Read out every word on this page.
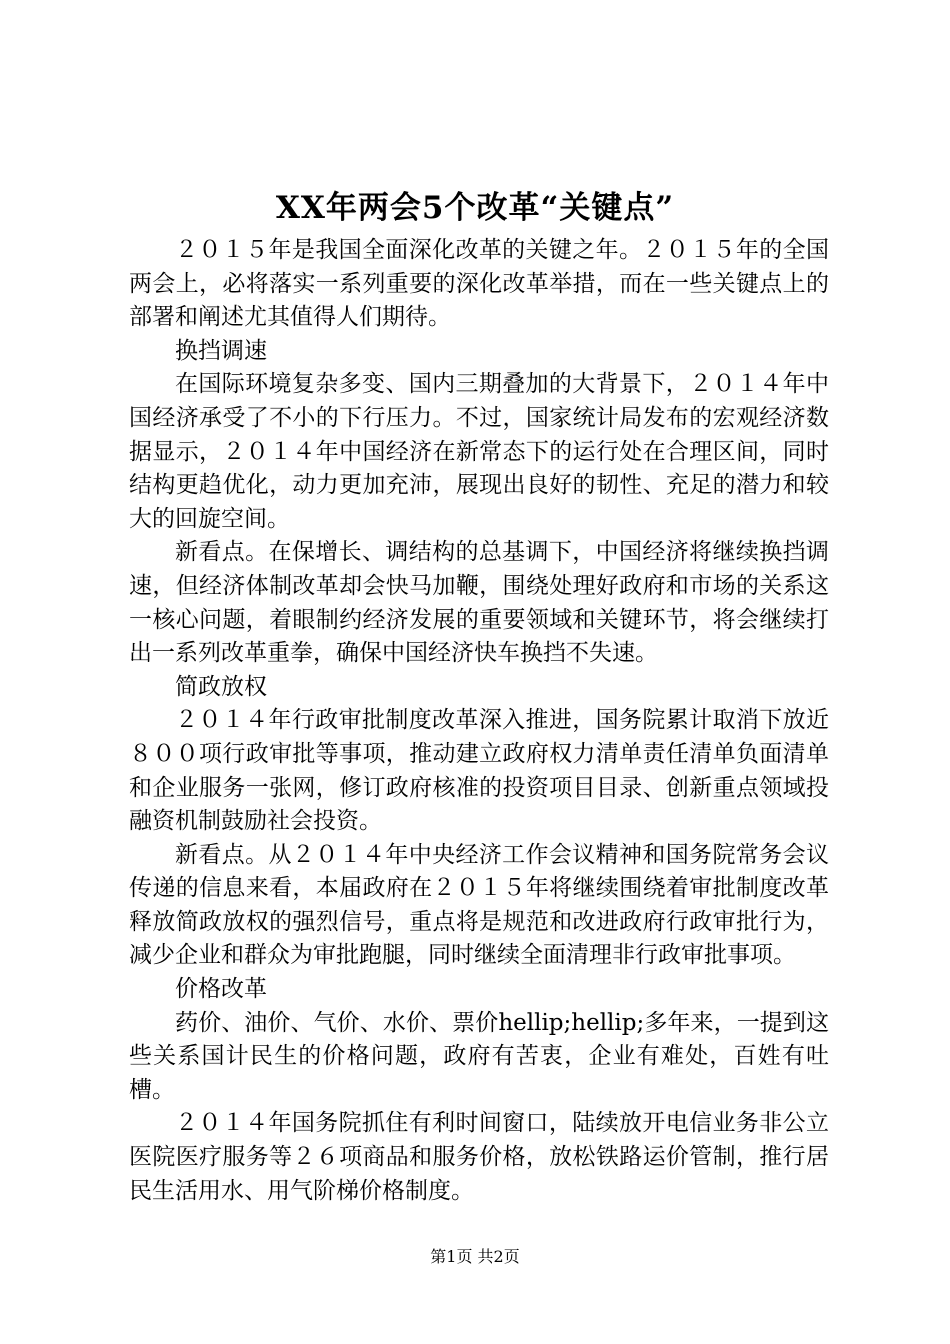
XX年两会5个改革“关键点”

２０１５年是我国全面深化改革的关键之年。２０１５年的全国两会上，必将落实一系列重要的深化改革举措，而在一些关键点上的部署和阐述尤其值得人们期待。

换挡调速

在国际环境复杂多变、国内三期叠加的大背景下，２０１４年中国经济承受了不小的下行压力。不过，国家统计局发布的宏观经济数据显示，２０１４年中国经济在新常态下的运行处在合理区间，同时结构更趋优化，动力更加充沛，展现出良好的韧性、充足的潜力和较大的回旋空间。

新看点。在保增长、调结构的总基调下，中国经济将继续换挡调速，但经济体制改革却会快马加鞭，围绕处理好政府和市场的关系这一核心问题，着眼制约经济发展的重要领域和关键环节，将会继续打出一系列改革重拳，确保中国经济快车换挡不失速。

简政放权

２０１４年行政审批制度改革深入推进，国务院累计取消下放近８００项行政审批等事项，推动建立政府权力清单责任清单负面清单和企业服务一张网，修订政府核准的投资项目目录、创新重点领域投融资机制鼓励社会投资。

新看点。从２０１４年中央经济工作会议精神和国务院常务会议传递的信息来看，本届政府在２０１５年将继续围绕着审批制度改革释放简政放权的强烈信号，重点将是规范和改进政府行政审批行为，减少企业和群众为审批跑腿，同时继续全面清理非行政审批事项。

价格改革

药价、油价、气价、水价、票价hellip;hellip;多年来，一提到这些关系国计民生的价格问题，政府有苦衷，企业有难处，百姓有吐槽。

２０１４年国务院抓住有利时间窗口，陆续放开电信业务非公立医院医疗服务等２６项商品和服务价格，放松铁路运价管制，推行居民生活用水、用气阶梯价格制度。

第1页 共2页
